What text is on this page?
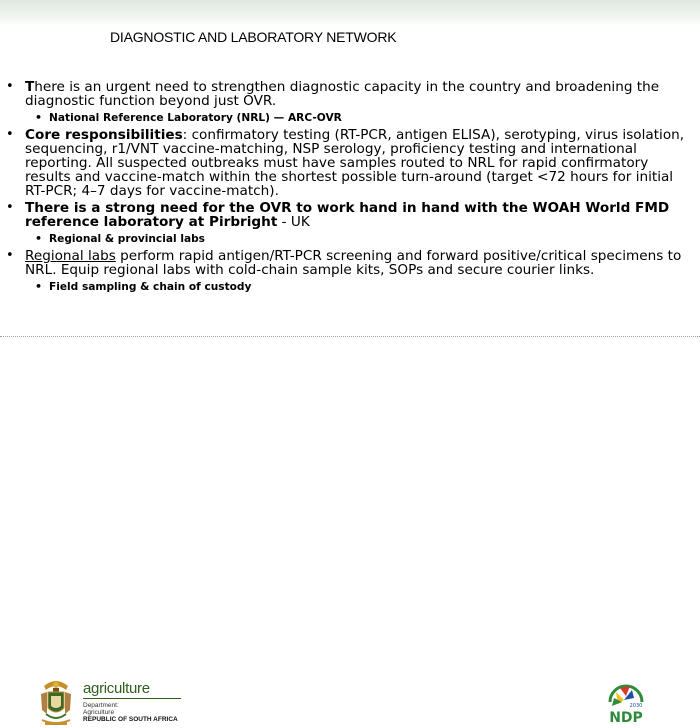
DIAGNOSTIC AND LABORATORY NETWORK
• There is an urgent need to strengthen diagnostic capacity in the country and broadening the diagnostic function beyond just OVR.
• National Reference Laboratory (NRL) — ARC-OVR
• Core responsibilities: confirmatory testing (RT-PCR, antigen ELISA), serotyping, virus isolation, sequencing, r1/VNT vaccine-matching, NSP serology, proficiency testing and international reporting. All suspected outbreaks must have samples routed to NRL for rapid confirmatory results and vaccine-match within the shortest possible turn-around (target <72 hours for initial RT-PCR; 4–7 days for vaccine-match).
• There is a strong need for the OVR to work hand in hand with the WOAH World FMD reference laboratory at Pirbright - UK
• Regional & provincial labs
• Regional labs perform rapid antigen/RT-PCR screening and forward positive/critical specimens to NRL. Equip regional labs with cold-chain sample kits, SOPs and secure courier links.
• Field sampling & chain of custody
agriculture
Department:
Agriculture
REPUBLIC OF SOUTH AFRICA
2030
NDP
